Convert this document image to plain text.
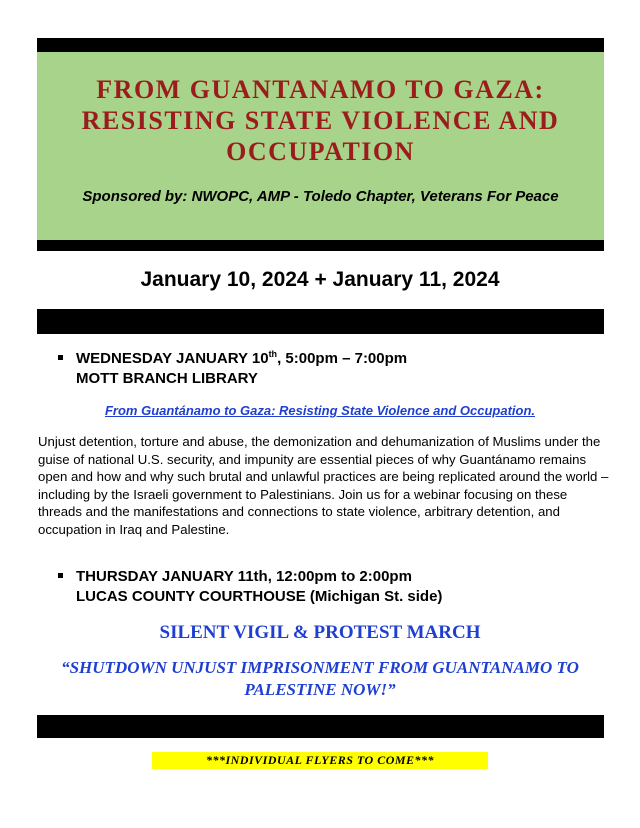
FROM GUANTANAMO TO GAZA: RESISTING STATE VIOLENCE AND OCCUPATION

Sponsored by: NWOPC, AMP - Toledo Chapter, Veterans For Peace

January 10, 2024 + January 11, 2024
WEDNESDAY JANUARY 10th, 5:00pm – 7:00pm
MOTT BRANCH LIBRARY
From Guantánamo to Gaza: Resisting State Violence and Occupation.

Unjust detention, torture and abuse, the demonization and dehumanization of Muslims under the guise of national U.S. security, and impunity are essential pieces of why Guantánamo remains open and how and why such brutal and unlawful practices are being replicated around the world – including by the Israeli government to Palestinians. Join us for a webinar focusing on these threads and the manifestations and connections to state violence, arbitrary detention, and occupation in Iraq and Palestine.

THURSDAY JANUARY 11th, 12:00pm to 2:00pm
LUCAS COUNTY COURTHOUSE (Michigan St. side)
SILENT VIGIL & PROTEST MARCH

“SHUTDOWN UNJUST IMPRISONMENT FROM GUANTANAMO TO PALESTINE NOW!”

***INDIVIDUAL FLYERS TO COME***
